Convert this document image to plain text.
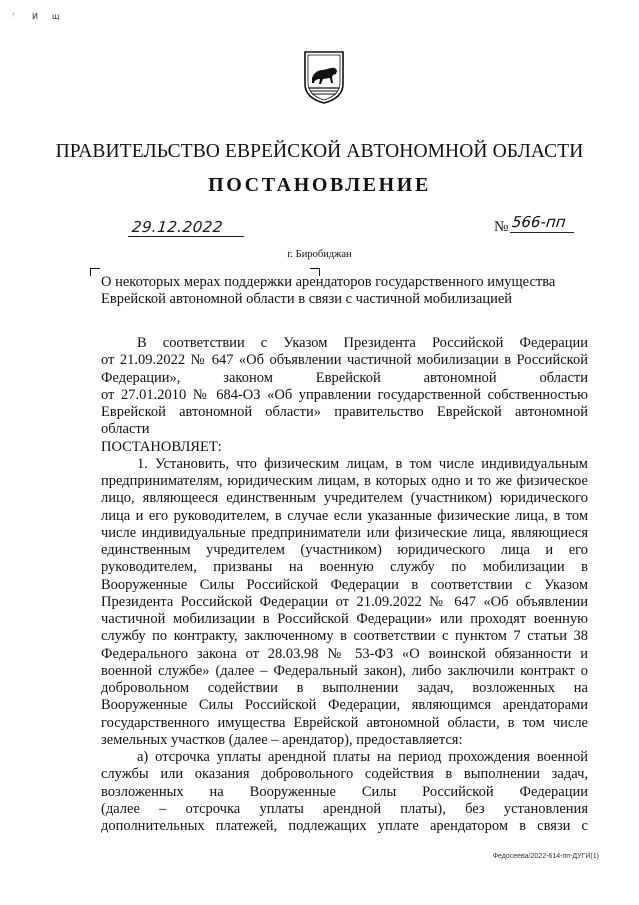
ꜝ И щ
ПРАВИТЕЛЬСТВО ЕВРЕЙСКОЙ АВТОНОМНОЙ ОБЛАСТИ
ПОСТАНОВЛЕНИЕ
29.12.2022	№ 566-пп
г. Биробиджан
О некоторых мерах поддержки арендаторов государственного имущества
Еврейской автономной области в связи с частичной мобилизацией
В соответствии с Указом Президента Российской Федерации
от 21.09.2022 № 647 «Об объявлении частичной мобилизации в Российской
Федерации», законом Еврейской автономной области
от 27.01.2010 № 684-ОЗ «Об управлении государственной собственностью
Еврейской автономной области» правительство Еврейской автономной
области
ПОСТАНОВЛЯЕТ:
1. Установить, что физическим лицам, в том числе индивидуальным
предпринимателям, юридическим лицам, в которых одно и то же физическое
лицо, являющееся единственным учредителем (участником) юридического
лица и его руководителем, в случае если указанные физические лица, в том
числе индивидуальные предприниматели или физические лица, являющиеся
единственным учредителем (участником) юридического лица и его
руководителем, призваны на военную службу по мобилизации в
Вооруженные Силы Российской Федерации в соответствии с Указом
Президента Российской Федерации от 21.09.2022 № 647 «Об объявлении
частичной мобилизации в Российской Федерации» или проходят военную
службу по контракту, заключенному в соответствии с пунктом 7 статьи 38
Федерального закона от 28.03.98 № 53-ФЗ «О воинской обязанности и
военной службе» (далее – Федеральный закон), либо заключили контракт о
добровольном содействии в выполнении задач, возложенных на
Вооруженные Силы Российской Федерации, являющимся арендаторами
государственного имущества Еврейской автономной области, в том числе
земельных участков (далее – арендатор), предоставляется:
а) отсрочка уплаты арендной платы на период прохождения военной
службы или оказания добровольного содействия в выполнении задач,
возложенных на Вооруженные Силы Российской Федерации
(далее – отсрочка уплаты арендной платы), без установления
дополнительных платежей, подлежащих уплате арендатором в связи с
Федосеева/2022-614-пп-ДУГИ(1)
